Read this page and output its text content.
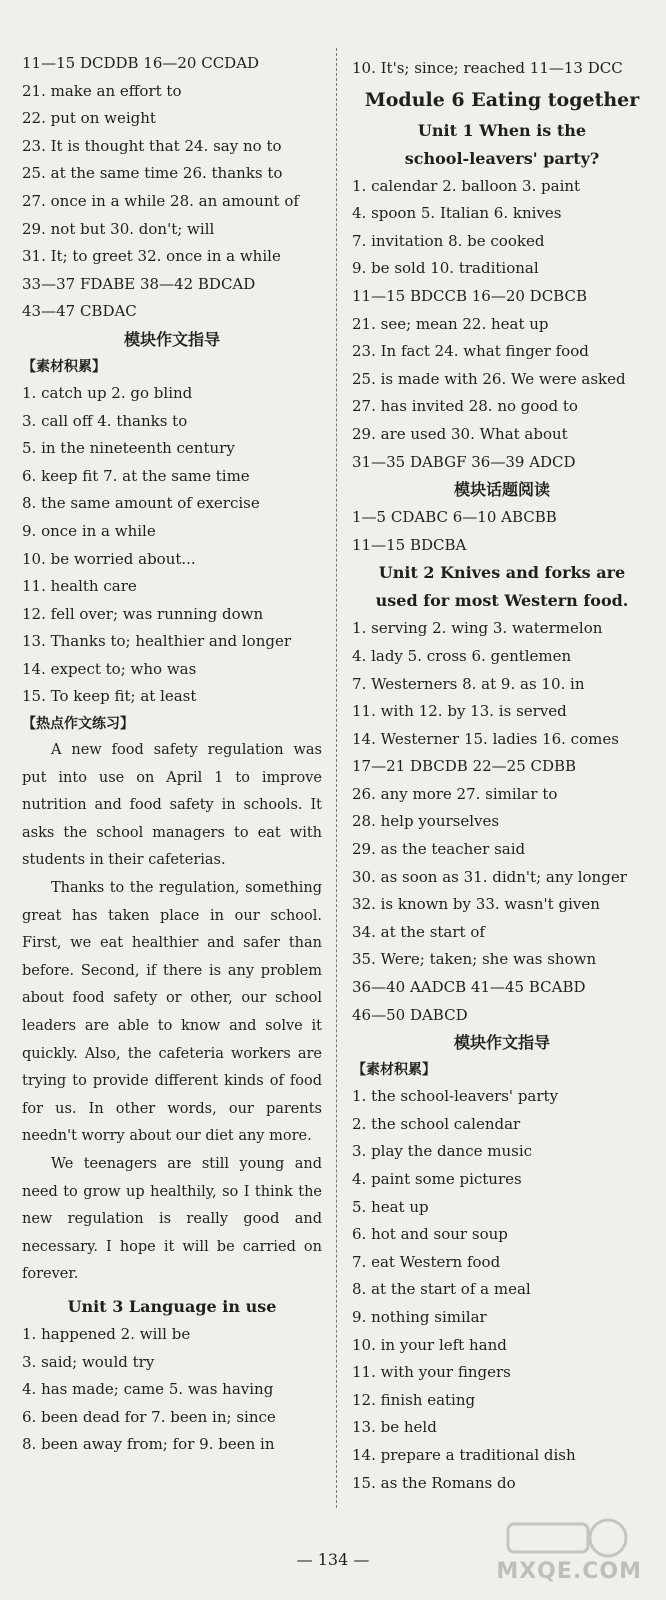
11—15 DCDDB 16—20 CCDAD
21. make an effort to
22. put on weight
23. It is thought that 24. say no to
25. at the same time 26. thanks to
27. once in a while 28. an amount of
29. not but 30. don't; will
31. It; to greet 32. once in a while
33—37 FDABE 38—42 BDCAD
43—47 CBDAC
模块作文指导
【素材积累】
1. catch up 2. go blind
3. call off 4. thanks to
5. in the nineteenth century
6. keep fit 7. at the same time
8. the same amount of exercise
9. once in a while
10. be worried about...
11. health care
12. fell over; was running down
13. Thanks to; healthier and longer
14. expect to; who was
15. To keep fit; at least
【热点作文练习】

A new food safety regulation was put into use on April 1 to improve nutrition and food safety in schools. It asks the school managers to eat with students in their cafeterias.

Thanks to the regulation, something great has taken place in our school. First, we eat healthier and safer than before. Second, if there is any problem about food safety or other, our school leaders are able to know and solve it quickly. Also, the cafeteria workers are trying to provide different kinds of food for us. In other words, our parents needn't worry about our diet any more.

We teenagers are still young and need to grow up healthily, so I think the new regulation is really good and necessary. I hope it will be carried on forever.

Unit 3 Language in use
1. happened 2. will be
3. said; would try
4. has made; came 5. was having
6. been dead for 7. been in; since
8. been away from; for 9. been in
10. It's; since; reached 11—13 DCC
Module 6 Eating together
Unit 1 When is the
school-leavers' party?
1. calendar 2. balloon 3. paint
4. spoon 5. Italian 6. knives
7. invitation 8. be cooked
9. be sold 10. traditional
11—15 BDCCB 16—20 DCBCB
21. see; mean 22. heat up
23. In fact 24. what finger food
25. is made with 26. We were asked
27. has invited 28. no good to
29. are used 30. What about
31—35 DABGF 36—39 ADCD
模块话题阅读
1—5 CDABC 6—10 ABCBB
11—15 BDCBA
Unit 2 Knives and forks are
used for most Western food.
1. serving 2. wing 3. watermelon
4. lady 5. cross 6. gentlemen
7. Westerners 8. at 9. as 10. in
11. with 12. by 13. is served
14. Westerner 15. ladies 16. comes
17—21 DBCDB 22—25 CDBB
26. any more 27. similar to
28. help yourselves
29. as the teacher said
30. as soon as 31. didn't; any longer
32. is known by 33. wasn't given
34. at the start of
35. Were; taken; she was shown
36—40 AADCB 41—45 BCABD
46—50 DABCD
模块作文指导
【素材积累】
1. the school-leavers' party
2. the school calendar
3. play the dance music
4. paint some pictures
5. heat up
6. hot and sour soup
7. eat Western food
8. at the start of a meal
9. nothing similar
10. in your left hand
11. with your fingers
12. finish eating
13. be held
14. prepare a traditional dish
15. as the Romans do
— 134 —	MXQE.COM
